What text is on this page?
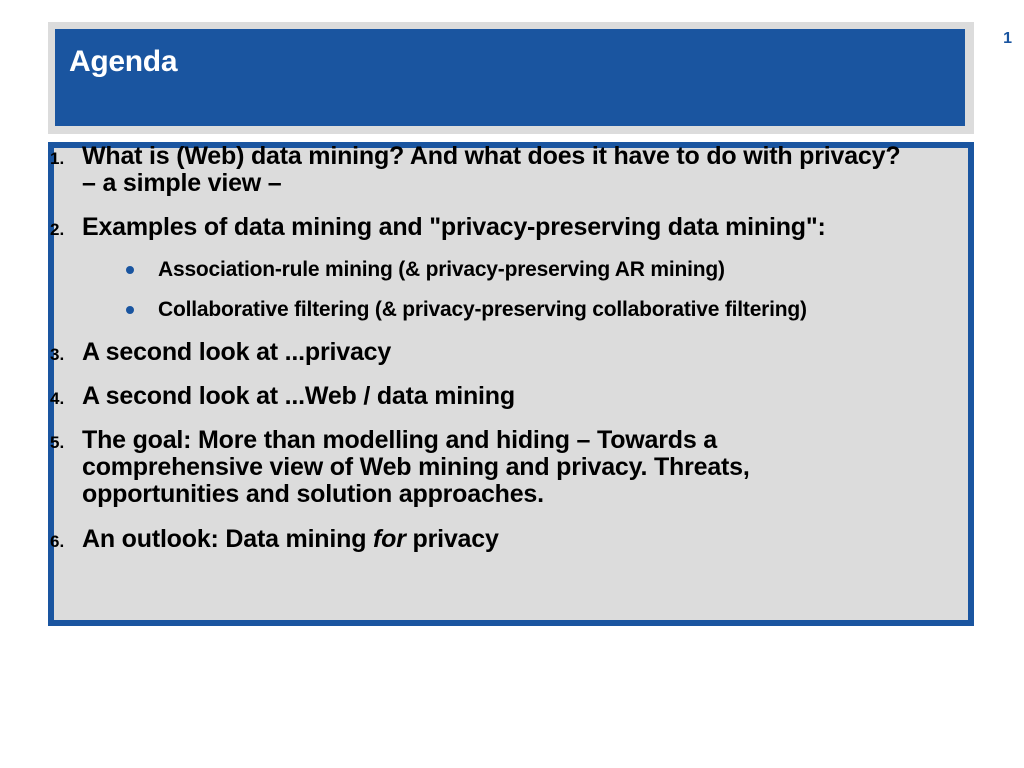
Agenda
1
1. What is (Web) data mining? And what does it have to do with privacy? – a simple view –
2. Examples of data mining and "privacy-preserving data mining":
Association-rule mining (& privacy-preserving AR mining)
Collaborative filtering (& privacy-preserving collaborative filtering)
3. A second look at ...privacy
4. A second look at ...Web / data mining
5. The goal: More than modelling and hiding – Towards a comprehensive view of Web mining and privacy. Threats, opportunities and solution approaches.
6. An outlook: Data mining for privacy
